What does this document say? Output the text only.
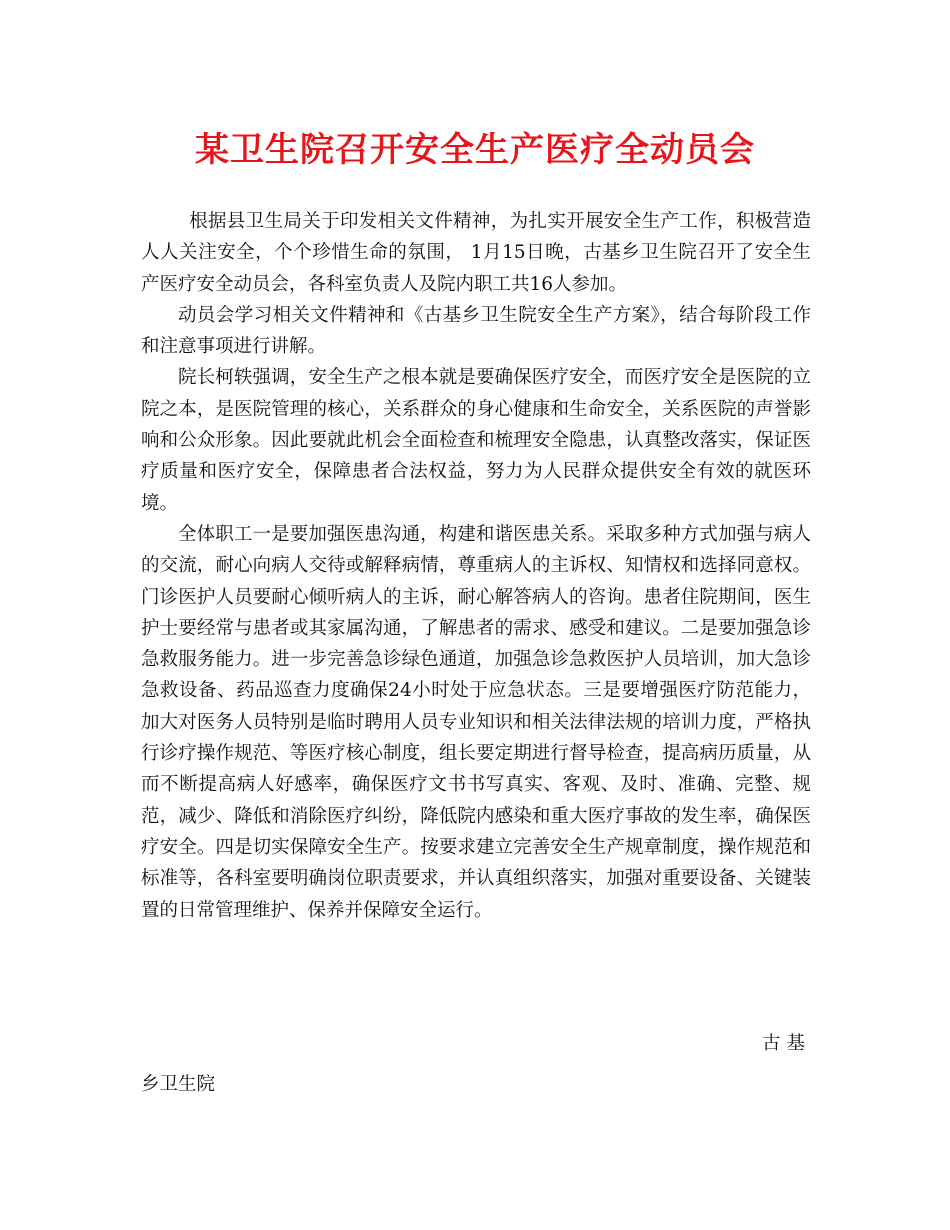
某卫生院召开安全生产医疗全动员会

根据县卫生局关于印发相关文件精神，为扎实开展安全生产工作，积极营造人人关注安全，个个珍惜生命的氛围， 1月15日晚，古基乡卫生院召开了安全生产医疗安全动员会，各科室负责人及院内职工共16人参加。

动员会学习相关文件精神和《古基乡卫生院安全生产方案》，结合每阶段工作和注意事项进行讲解。

院长柯轶强调，安全生产之根本就是要确保医疗安全，而医疗安全是医院的立院之本，是医院管理的核心，关系群众的身心健康和生命安全，关系医院的声誉影响和公众形象。因此要就此机会全面检查和梳理安全隐患，认真整改落实，保证医疗质量和医疗安全，保障患者合法权益，努力为人民群众提供安全有效的就医环境。

全体职工一是要加强医患沟通，构建和谐医患关系。采取多种方式加强与病人的交流，耐心向病人交待或解释病情，尊重病人的主诉权、知情权和选择同意权。门诊医护人员要耐心倾听病人的主诉，耐心解答病人的咨询。患者住院期间，医生护士要经常与患者或其家属沟通，了解患者的需求、感受和建议。二是要加强急诊急救服务能力。进一步完善急诊绿色通道，加强急诊急救医护人员培训，加大急诊急救设备、药品巡查力度确保24小时处于应急状态。三是要增强医疗防范能力，加大对医务人员特别是临时聘用人员专业知识和相关法律法规的培训力度，严格执行诊疗操作规范、等医疗核心制度，组长要定期进行督导检查，提高病历质量，从而不断提高病人好感率，确保医疗文书书写真实、客观、及时、准确、完整、规范，减少、降低和消除医疗纠纷，降低院内感染和重大医疗事故的发生率，确保医疗安全。四是切实保障安全生产。按要求建立完善安全生产规章制度，操作规范和标准等，各科室要明确岗位职责要求，并认真组织落实，加强对重要设备、关键装置的日常管理维护、保养并保障安全运行。

古基

乡卫生院
